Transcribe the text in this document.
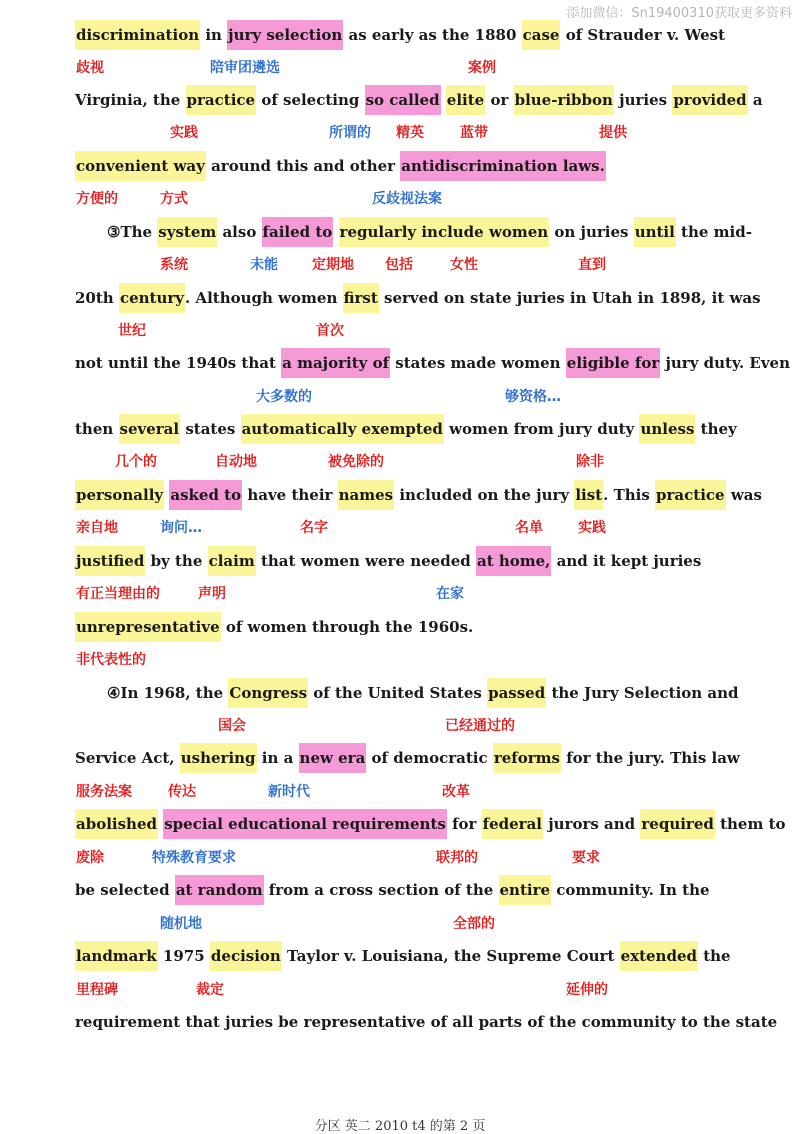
添加微信：Sn19400310获取更多资料
discrimination in jury selection as early as the 1880 case of Strauder v. West
Virginia, the practice of selecting so called elite or blue-ribbon juries provided a
convenient way around this and other antidiscrimination laws.
③The system also failed to regularly include women on juries until the mid-
20th century. Although women first served on state juries in Utah in 1898, it was
not until the 1940s that a majority of states made women eligible for jury duty. Even
then several states automatically exempted women from jury duty unless they
personally asked to have their names included on the jury list. This practice was
justified by the claim that women were needed at home, and it kept juries
unrepresentative of women through the 1960s.
④In 1968, the Congress of the United States passed the Jury Selection and
Service Act, ushering in a new era of democratic reforms for the jury. This law
abolished special educational requirements for federal jurors and required them to
be selected at random from a cross section of the entire community. In the
landmark 1975 decision Taylor v. Louisiana, the Supreme Court extended the
requirement that juries be representative of all parts of the community to the state
歧视	陪审团遴选	案例
实践	所谓的 精英	蓝带	提供
方便的	方式	反歧视法案
系统	未能 定期地 包括	女性	直到
世纪	首次
大多数的	够资格…
几个的	自动地	被免除的	除非
亲自地	询问…	名字	名单	实践
有正当理由的	声明	在家
非代表性的
国会	已经通过的
服务法案	传达	新时代	改革
废除	特殊教育要求	联邦的	要求
随机地	全部的
里程碑	裁定	延伸的
分区 英二 2010 t4 的第 2 页
